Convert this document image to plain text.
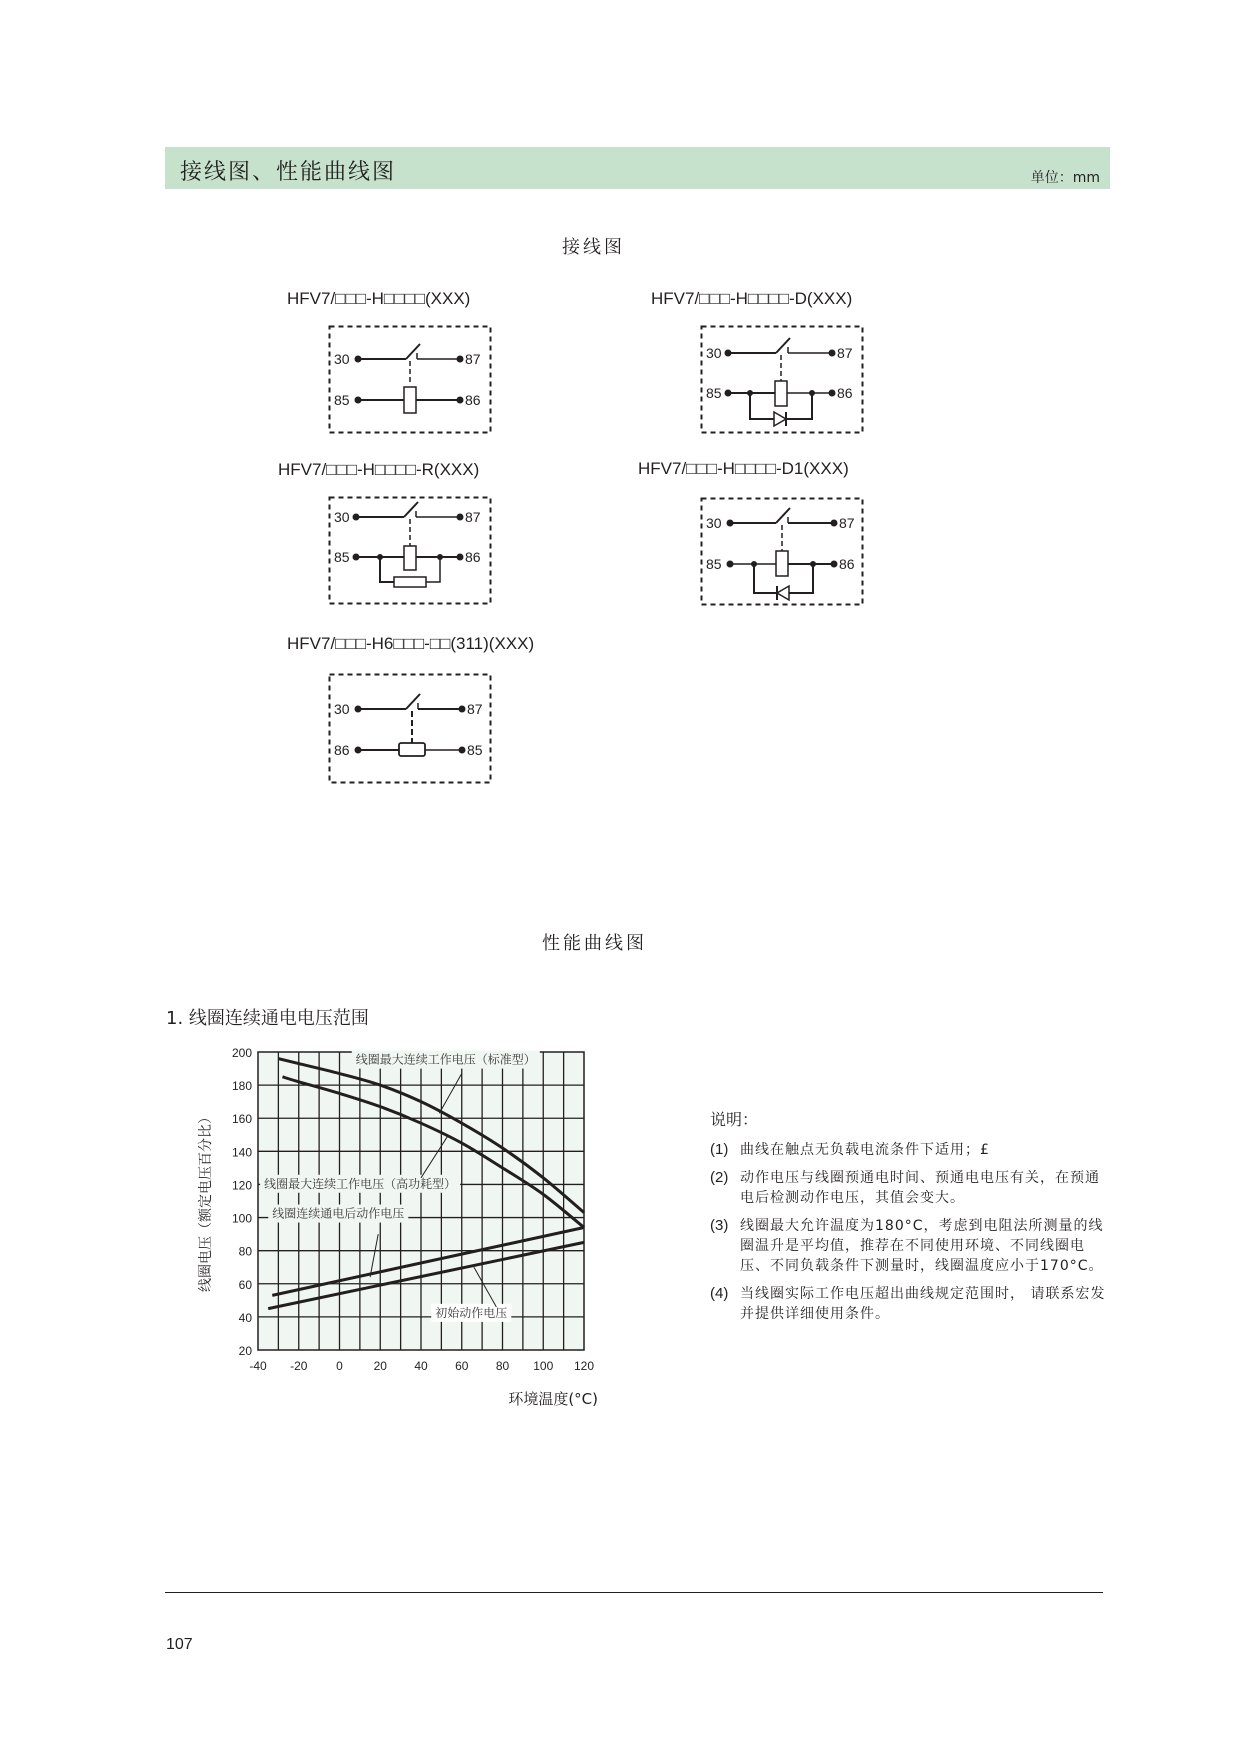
接线图、性能曲线图	单位：mm
接线图
HFV7/□□□-H□□□□(XXX)
30	87
85	86
HFV7/□□□-H□□□□-D(XXX)
30	87
85	86
HFV7/□□□-H□□□□-R(XXX)
30	87
85	86
HFV7/□□□-H□□□□-D1(XXX)
30	87
85	86
HFV7/□□□-H6□□□-□□(311)(XXX)
30	87
86	85
性能曲线图
1. 线圈连续通电电压范围
20
40
60
80
100
120
140
160
180
200
-40 -20 0	20 40 60 80 100 120
线圈电压（额定电压百分比）
环境温度(°C)
线圈最大连续工作电压（标准型）
线圈最大连续工作电压（高功耗型）
线圈连续通电后动作电压
初始动作电压
说明：
(1) 曲线在触点无负载电流条件下适用；£
(2) 动作电压与线圈预通电时间、预通电电压有关，在预通电后检测动作电压，其值会变大。
(3) 线圈最大允许温度为180°C，考虑到电阻法所测量的线圈温升是平均值，推荐在不同使用环境、不同线圈电压、不同负载条件下测量时，线圈温度应小于170°C。
(4) 当线圈实际工作电压超出曲线规定范围时， 请联系宏发并提供详细使用条件。
107
